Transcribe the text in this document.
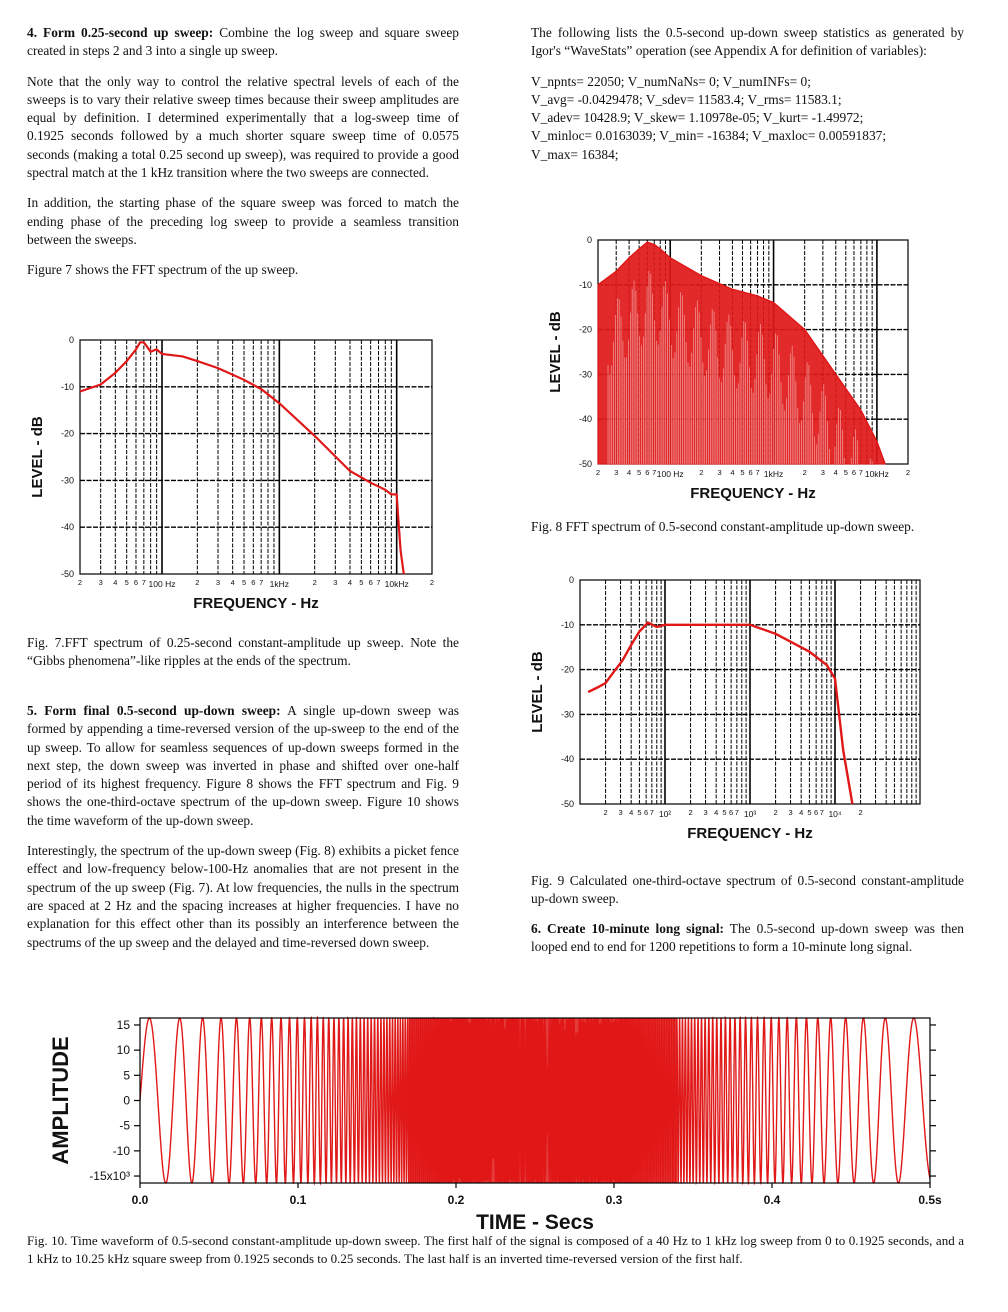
4. Form 0.25-second up sweep: Combine the log sweep and square sweep created in steps 2 and 3 into a single up sweep.

Note that the only way to control the relative spectral levels of each of the sweeps is to vary their relative sweep times because their sweep amplitudes are equal by definition. I determined experimentally that a log-sweep time of 0.1925 seconds followed by a much shorter square sweep time of 0.0575 seconds (making a total 0.25 second up sweep), was required to provide a good spectral match at the 1 kHz transition where the two sweeps are connected.

In addition, the starting phase of the square sweep was forced to match the ending phase of the preceding log sweep to provide a seamless transition between the sweeps.

Figure 7 shows the FFT spectrum of the up sweep.

0
-10
-20
-30
-40
-50
2 3 4 5 6 7 100 Hz	2 3 4 5 6 7 1kHz	2 3 4 5 6 7 10kHz	2
FREQUENCY - Hz
LEVEL - dB
Fig. 7.FFT spectrum of 0.25-second constant-amplitude up sweep. Note the “Gibbs phenomena”-like ripples at the ends of the spectrum.

5. Form final 0.5-second up-down sweep: A single up-down sweep was formed by appending a time-reversed version of the up-sweep to the end of the up sweep. To allow for seamless sequences of up-down sweeps formed in the next step, the down sweep was inverted in phase and shifted over one-half period of its highest frequency. Figure 8 shows the FFT spectrum and Fig. 9 shows the one-third-octave spectrum of the up-down sweep. Figure 10 shows the time waveform of the up-down sweep.

Interestingly, the spectrum of the up-down sweep (Fig. 8) exhibits a picket fence effect and low-frequency below-100-Hz anomalies that are not present in the spectrum of the up sweep (Fig. 7). At low frequencies, the nulls in the spectrum are spaced at 2 Hz and the spacing increases at higher frequencies. I have no explanation for this effect other than its possibly an interference between the spectrums of the up sweep and the delayed and time-reversed down sweep.

The following lists the 0.5-second up-down sweep statistics as generated by Igor's “WaveStats” operation (see Appendix A for definition of variables):

V_npnts= 22050; V_numNaNs= 0; V_numINFs= 0;

V_avg= -0.0429478; V_sdev= 11583.4; V_rms= 11583.1;

V_adev= 10428.9; V_skew= 1.10978e-05; V_kurt= -1.49972;

V_minloc= 0.0163039; V_min= -16384; V_maxloc= 0.00591837;

V_max= 16384;

0
-10
-20
-30
-40
-50
2 3 4 5 6 7 100 Hz 2 3 4 5 6 7 1kHz	2 3 4 5 6 7 10kHz 2
FREQUENCY - Hz
LEVEL - dB
Fig. 8 FFT spectrum of 0.5-second constant-amplitude up-down sweep.
0
-10
-20
-30
-40
-50
2 3 4 5 6 7 10² 2 3 4 5 6 7 10³ 2 3 4 5 6 7 10⁴ 2
FREQUENCY - Hz
LEVEL - dB
Fig. 9 Calculated one-third-octave spectrum of 0.5-second constant-amplitude up-down sweep.

6. Create 10-minute long signal: The 0.5-second up-down sweep was then looped end to end for 1200 repetitions to form a 10-minute long signal.

15
10
5
0
-5
-10
-15x10³
0.0	0.1	0.2	0.3	0.4	0.5s
TIME - Secs
AMPLITUDE
Fig. 10. Time waveform of 0.5-second constant-amplitude up-down sweep. The first half of the signal is composed of a 40 Hz to 1 kHz log sweep from 0 to 0.1925 seconds, and a 1 kHz to 10.25 kHz square sweep from 0.1925 seconds to 0.25 seconds. The last half is an inverted time-reversed version of the first half.
